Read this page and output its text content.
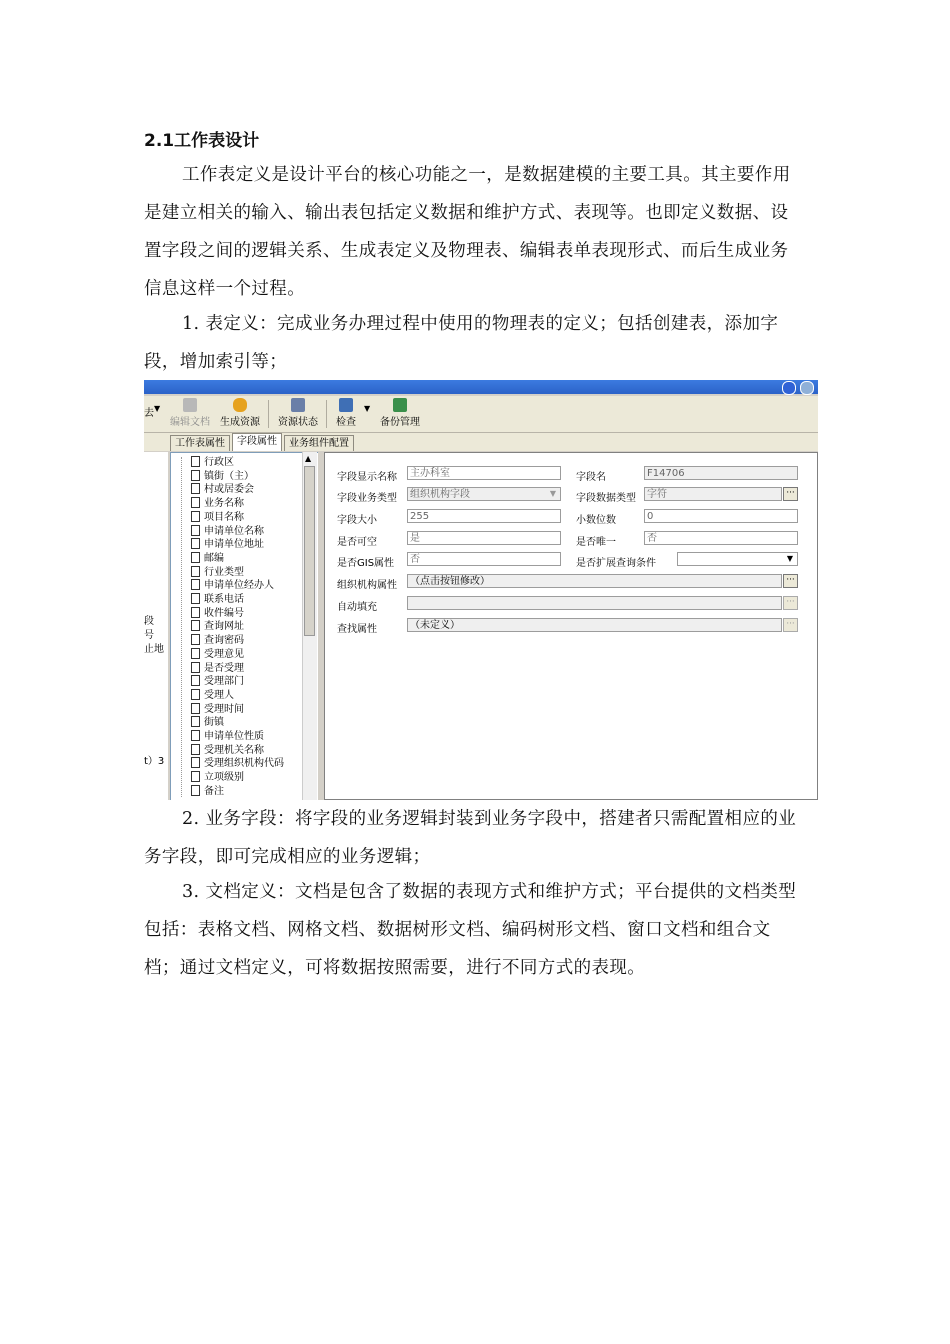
2.1工作表设计

工作表定义是设计平台的核心功能之一，是数据建模的主要工具。其主要作用是建立相关的输入、输出表包括定义数据和维护方式、表现等。也即定义数据、设置字段之间的逻辑关系、生成表定义及物理表、编辑表单表现形式、而后生成业务信息这样一个过程。

1. 表定义：完成业务办理过程中使用的物理表的定义；包括创建表，添加字段，增加索引等；

去 ▼
编辑文档 生成资源 资源状态 检查
▼
备份管理
工作表属性	字段属性	业务组件配置
段
号
止地
t）3
行政区
镇街（主）
村或居委会
业务名称
项目名称
申请单位名称
申请单位地址
邮编
行业类型
申请单位经办人
联系电话
收件编号
查询网址
查询密码
受理意见
是否受理
受理部门
受理人
受理时间
街镇
申请单位性质
受理机关名称
受理组织机构代码
立项级别
备注
▲
字段显示名称	主办科室	字段名	F14706
字段业务类型	组织机构字段	▼ 字段数据类型	字符	···
字段大小	255	小数位数	0
是否可空	是	是否唯一	否
是否GIS属性	否	是否扩展查询条件	▼
组织机构属性	（点击按钮修改）	···
自动填充	···
查找属性	（未定义）	···

2. 业务字段：将字段的业务逻辑封装到业务字段中，搭建者只需配置相应的业务字段，即可完成相应的业务逻辑；

3. 文档定义：文档是包含了数据的表现方式和维护方式；平台提供的文档类型包括：表格文档、网格文档、数据树形文档、编码树形文档、窗口文档和组合文档；通过文档定义，可将数据按照需要，进行不同方式的表现。
